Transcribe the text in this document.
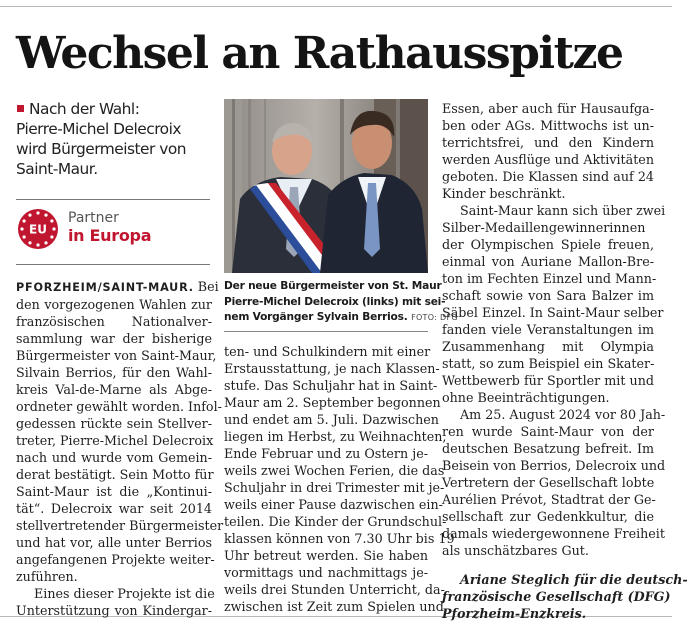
Wechsel an Rathausspitze
Nach der Wahl:
Pierre-Michel Delecroix
wird Bürgermeister von
Saint-Maur.
EU
Partner
in Europa
Der neue Bürgermeister von St. Maur
Pierre-Michel Delecroix (links) mit sei-
nem Vorgänger Sylvain Berrios. FOTO: DFG
PFORZHEIM/SAINT-MAUR. Bei
den vorgezogenen Wahlen zur
französischen Nationalver-
sammlung war der bisherige
Bürgermeister von Saint-Maur,
Silvain Berrios, für den Wahl-
kreis Val-de-Marne als Abge-
ordneter gewählt worden. Infol-
gedessen rückte sein Stellver-
treter, Pierre-Michel Delecroix
nach und wurde vom Gemein-
derat bestätigt. Sein Motto für
Saint-Maur ist die „Kontinui-
tät“. Delecroix war seit 2014
stellvertretender Bürgermeister
und hat vor, alle unter Berrios
angefangenen Projekte weiter-
zuführen.
Eines dieser Projekte ist die
Unterstützung von Kindergar-
ten- und Schulkindern mit einer
Erstausstattung, je nach Klassen-
stufe. Das Schuljahr hat in Saint-
Maur am 2. September begonnen
und endet am 5. Juli. Dazwischen
liegen im Herbst, zu Weihnachten,
Ende Februar und zu Ostern je-
weils zwei Wochen Ferien, die das
Schuljahr in drei Trimester mit je-
weils einer Pause dazwischen ein-
teilen. Die Kinder der Grundschul-
klassen können von 7.30 Uhr bis 19
Uhr betreut werden. Sie haben
vormittags und nachmittags je-
weils drei Stunden Unterricht, da-
zwischen ist Zeit zum Spielen und
Essen, aber auch für Hausaufga-
ben oder AGs. Mittwochs ist un-
terrichtsfrei, und den Kindern
werden Ausflüge und Aktivitäten
geboten. Die Klassen sind auf 24
Kinder beschränkt.
Saint-Maur kann sich über zwei
Silber-Medaillengewinnerinnen
der Olympischen Spiele freuen,
einmal von Auriane Mallon-Bre-
ton im Fechten Einzel und Mann-
schaft sowie von Sara Balzer im
Säbel Einzel. In Saint-Maur selber
fanden viele Veranstaltungen im
Zusammenhang mit Olympia
statt, so zum Beispiel ein Skater-
Wettbewerb für Sportler mit und
ohne Beeinträchtigungen.
Am 25. August 2024 vor 80 Jah-
ren wurde Saint-Maur von der
deutschen Besatzung befreit. Im
Beisein von Berrios, Delecroix und
Vertretern der Gesellschaft lobte
Aurélien Prévot, Stadtrat der Ge-
sellschaft zur Gedenkkultur, die
damals wiedergewonnene Freiheit
als unschätzbares Gut.
Ariane Steglich für die deutsch-
französische Gesellschaft (DFG)
Pforzheim-Enzkreis.
